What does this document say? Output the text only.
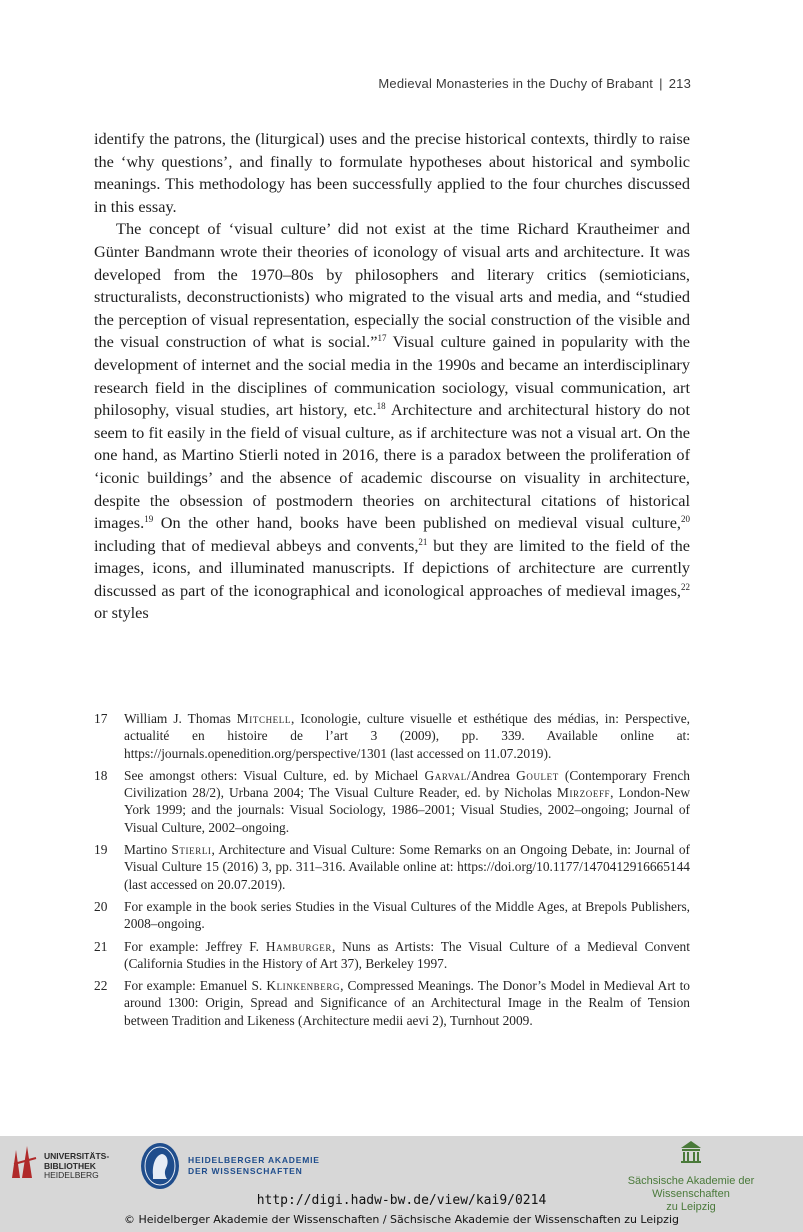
Medieval Monasteries in the Duchy of Brabant | 213

identify the patrons, the (liturgical) uses and the precise historical contexts, thirdly to raise the ‘why questions’, and finally to formulate hypotheses about historical and symbolic meanings. This methodology has been successfully applied to the four churches discussed in this essay.

The concept of ‘visual culture’ did not exist at the time Richard Krautheimer and Günter Bandmann wrote their theories of iconology of visual arts and architecture. It was developed from the 1970–80s by philosophers and literary critics (semioticians, structuralists, deconstructionists) who migrated to the visual arts and media, and “studied the perception of visual representation, especially the social construction of the visible and the visual construction of what is social.”$^{17}$ Visual culture gained in popularity with the development of internet and the social media in the 1990s and became an interdisciplinary research field in the disciplines of communication sociology, visual communication, art philosophy, visual studies, art history, etc.$^{18}$ Architecture and architectural history do not seem to fit easily in the field of visual culture, as if architecture was not a visual art. On the one hand, as Martino Stierli noted in 2016, there is a paradox between the proliferation of ‘iconic buildings’ and the absence of academic discourse on visuality in architecture, despite the obsession of postmodern theories on architectural citations of historical images.$^{19}$ On the other hand, books have been published on medieval visual culture,$^{20}$ including that of medieval abbeys and convents,$^{21}$ but they are limited to the field of the images, icons, and illuminated manuscripts. If depictions of architecture are currently discussed as part of the iconographical and iconological approaches of medieval images,$^{22}$ or styles

17	William J. Thomas Mitchell, Iconologie, culture visuelle et esthétique des médias, in: Perspective, actualité en histoire de l’art 3 (2009), pp. 339. Available online at: https://journals.openedition.org/perspective/1301 (last accessed on 11.07.2019).
18	See amongst others: Visual Culture, ed. by Michael Garval/Andrea Goulet (Contemporary French Civilization 28/2), Urbana 2004; The Visual Culture Reader, ed. by Nicholas Mirzoeff, London-New York 1999; and the journals: Visual Sociology, 1986–2001; Visual Studies, 2002–ongoing; Journal of Visual Culture, 2002–ongoing.
19	Martino Stierli, Architecture and Visual Culture: Some Remarks on an Ongoing Debate, in: Journal of Visual Culture 15 (2016) 3, pp. 311–316. Available online at: https://doi.org/10.1177/1470412916665144 (last accessed on 20.07.2019).
20	For example in the book series Studies in the Visual Cultures of the Middle Ages, at Brepols Publishers, 2008–ongoing.
21	For example: Jeffrey F. Hamburger, Nuns as Artists: The Visual Culture of a Medieval Convent (California Studies in the History of Art 37), Berkeley 1997.
22	For example: Emanuel S. Klinkenberg, Compressed Meanings. The Donor’s Model in Medieval Art to around 1300: Origin, Spread and Significance of an Architectural Image in the Realm of Tension between Tradition and Likeness (Architecture medii aevi 2), Turnhout 2009.
UNIVERSITÄTS-
BIBLIOTHEK
HEIDELBERG
HEIDELBERGER AKADEMIE
DER WISSENSCHAFTEN
Sächsische Akademie der Wissenschaften
zu Leipzig
http://digi.hadw-bw.de/view/kai9/0214
© Heidelberger Akademie der Wissenschaften / Sächsische Akademie der Wissenschaften zu Leipzig
